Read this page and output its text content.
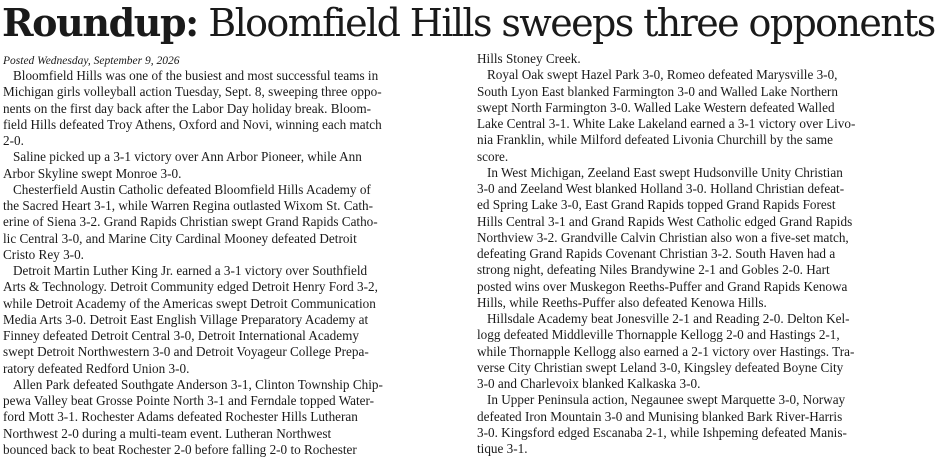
Roundup: Bloomfield Hills sweeps three opponents
Posted Wednesday, September 9, 2026
Bloomfield Hills was one of the busiest and most successful teams in
Michigan girls volleyball action Tuesday, Sept. 8, sweeping three oppo-
nents on the first day back after the Labor Day holiday break. Bloom-
field Hills defeated Troy Athens, Oxford and Novi, winning each match
2-0.
Saline picked up a 3-1 victory over Ann Arbor Pioneer, while Ann
Arbor Skyline swept Monroe 3-0.
Chesterfield Austin Catholic defeated Bloomfield Hills Academy of
the Sacred Heart 3-1, while Warren Regina outlasted Wixom St. Cath-
erine of Siena 3-2. Grand Rapids Christian swept Grand Rapids Catho-
lic Central 3-0, and Marine City Cardinal Mooney defeated Detroit
Cristo Rey 3-0.
Detroit Martin Luther King Jr. earned a 3-1 victory over Southfield
Arts & Technology. Detroit Community edged Detroit Henry Ford 3-2,
while Detroit Academy of the Americas swept Detroit Communication
Media Arts 3-0. Detroit East English Village Preparatory Academy at
Finney defeated Detroit Central 3-0, Detroit International Academy
swept Detroit Northwestern 3-0 and Detroit Voyageur College Prepa-
ratory defeated Redford Union 3-0.
Allen Park defeated Southgate Anderson 3-1, Clinton Township Chip-
pewa Valley beat Grosse Pointe North 3-1 and Ferndale topped Water-
ford Mott 3-1. Rochester Adams defeated Rochester Hills Lutheran
Northwest 2-0 during a multi-team event. Lutheran Northwest
bounced back to beat Rochester 2-0 before falling 2-0 to Rochester
Hills Stoney Creek.
Royal Oak swept Hazel Park 3-0, Romeo defeated Marysville 3-0,
South Lyon East blanked Farmington 3-0 and Walled Lake Northern
swept North Farmington 3-0. Walled Lake Western defeated Walled
Lake Central 3-1. White Lake Lakeland earned a 3-1 victory over Livo-
nia Franklin, while Milford defeated Livonia Churchill by the same
score.
In West Michigan, Zeeland East swept Hudsonville Unity Christian
3-0 and Zeeland West blanked Holland 3-0. Holland Christian defeat-
ed Spring Lake 3-0, East Grand Rapids topped Grand Rapids Forest
Hills Central 3-1 and Grand Rapids West Catholic edged Grand Rapids
Northview 3-2. Grandville Calvin Christian also won a five-set match,
defeating Grand Rapids Covenant Christian 3-2. South Haven had a
strong night, defeating Niles Brandywine 2-1 and Gobles 2-0. Hart
posted wins over Muskegon Reeths-Puffer and Grand Rapids Kenowa
Hills, while Reeths-Puffer also defeated Kenowa Hills.
Hillsdale Academy beat Jonesville 2-1 and Reading 2-0. Delton Kel-
logg defeated Middleville Thornapple Kellogg 2-0 and Hastings 2-1,
while Thornapple Kellogg also earned a 2-1 victory over Hastings. Tra-
verse City Christian swept Leland 3-0, Kingsley defeated Boyne City
3-0 and Charlevoix blanked Kalkaska 3-0.
In Upper Peninsula action, Negaunee swept Marquette 3-0, Norway
defeated Iron Mountain 3-0 and Munising blanked Bark River-Harris
3-0. Kingsford edged Escanaba 2-1, while Ishpeming defeated Manis-
tique 3-1.
